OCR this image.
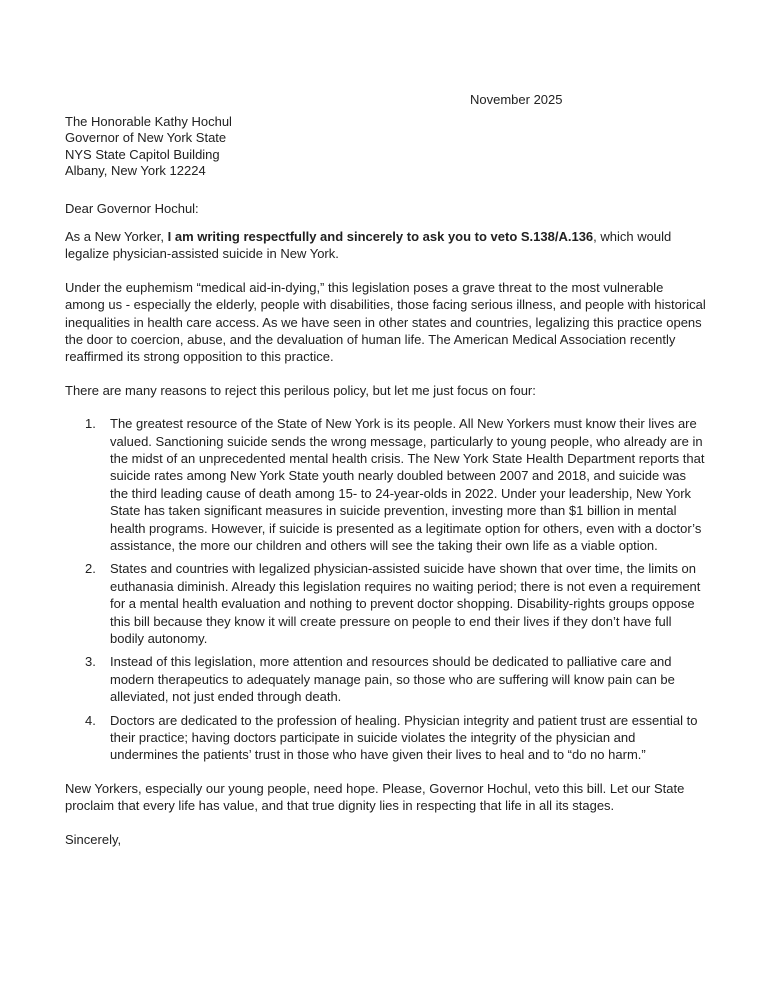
November 2025
The Honorable Kathy Hochul
Governor of New York State
NYS State Capitol Building
Albany, New York 12224

Dear Governor Hochul:

As a New Yorker, I am writing respectfully and sincerely to ask you to veto S.138/A.136, which would legalize physician-assisted suicide in New York.

Under the euphemism “medical aid-in-dying,” this legislation poses a grave threat to the most vulnerable among us - especially the elderly, people with disabilities, those facing serious illness, and people with historical inequalities in health care access. As we have seen in other states and countries, legalizing this practice opens the door to coercion, abuse, and the devaluation of human life. The American Medical Association recently reaffirmed its strong opposition to this practice.

There are many reasons to reject this perilous policy, but let me just focus on four:

1.	The greatest resource of the State of New York is its people. All New Yorkers must know their lives are valued. Sanctioning suicide sends the wrong message, particularly to young people, who already are in the midst of an unprecedented mental health crisis. The New York State Health Department reports that suicide rates among New York State youth nearly doubled between 2007 and 2018, and suicide was the third leading cause of death among 15- to 24-year-olds in 2022. Under your leadership, New York State has taken significant measures in suicide prevention, investing more than $1 billion in mental health programs. However, if suicide is presented as a legitimate option for others, even with a doctor’s assistance, the more our children and others will see the taking their own life as a viable option.
2.	States and countries with legalized physician-assisted suicide have shown that over time, the limits on euthanasia diminish. Already this legislation requires no waiting period; there is not even a requirement for a mental health evaluation and nothing to prevent doctor shopping. Disability-rights groups oppose this bill because they know it will create pressure on people to end their lives if they don’t have full bodily autonomy.
3.	Instead of this legislation, more attention and resources should be dedicated to palliative care and modern therapeutics to adequately manage pain, so those who are suffering will know pain can be alleviated, not just ended through death.
4.	Doctors are dedicated to the profession of healing. Physician integrity and patient trust are essential to their practice; having doctors participate in suicide violates the integrity of the physician and undermines the patients’ trust in those who have given their lives to heal and to “do no harm.”

New Yorkers, especially our young people, need hope. Please, Governor Hochul, veto this bill. Let our State proclaim that every life has value, and that true dignity lies in respecting that life in all its stages.

Sincerely,
